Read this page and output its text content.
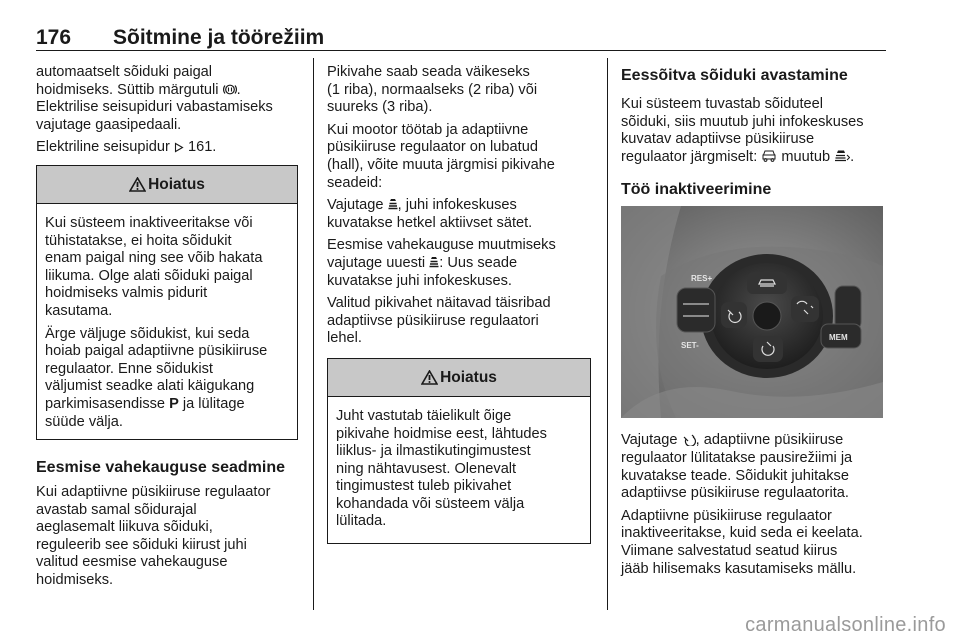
176 Sõitmine ja töörežiim

automaatselt sõiduki paigal
hoidmiseks. Süttib märgutuli .
Elektrilise seisupiduri vabastamiseks
vajutage gaasipedaali.

Elektriline seisupidur  161.

Hoiatus

Kui süsteem inaktiveeritakse või
tühistatakse, ei hoita sõidukit
enam paigal ning see võib hakata
liikuma. Olge alati sõiduki paigal
hoidmiseks valmis pidurit
kasutama.

Ärge väljuge sõidukist, kui seda
hoiab paigal adaptiivne püsikiiruse
regulaator. Enne sõidukist
väljumist seadke alati käigukang
parkimisasendisse P ja lülitage
süüde välja.

Eesmise vahekauguse seadmine

Kui adaptiivne püsikiiruse regulaator
avastab samal sõidurajal
aeglasemalt liikuva sõiduki,
reguleerib see sõiduki kiirust juhi
valitud eesmise vahekauguse
hoidmiseks.

Pikivahe saab seada väikeseks
(1 riba), normaalseks (2 riba) või
suureks (3 riba).

Kui mootor töötab ja adaptiivne
püsikiiruse regulaator on lubatud
(hall), võite muuta järgmisi pikivahe
seadeid:

Vajutage , juhi infokeskuses
kuvatakse hetkel aktiivset sätet.

Eesmise vahekauguse muutmiseks
vajutage uuesti : Uus seade
kuvatakse juhi infokeskuses.

Valitud pikivahet näitavad täisribad
adaptiivse püsikiiruse regulaatori
lehel.

Hoiatus

Juht vastutab täielikult õige
pikivahe hoidmise eest, lähtudes
liiklus- ja ilmastikutingimustest
ning nähtavusest. Olenevalt
tingimustest tuleb pikivahet
kohandada või süsteem välja
lülitada.

Eessõitva sõiduki avastamine

Kui süsteem tuvastab sõiduteel
sõiduki, siis muutub juhi infokeskuses
kuvatav adaptiivse püsikiiruse
regulaator järgmiselt:  muutub .

Töö inaktiveerimine
RES+
SET-
MEM

Vajutage , adaptiivne püsikiiruse
regulaator lülitatakse pausirežiimi ja
kuvatakse teade. Sõidukit juhitakse
adaptiivse püsikiiruse regulaatorita.

Adaptiivne püsikiiruse regulaator
inaktiveeritakse, kuid seda ei keelata.
Viimane salvestatud seatud kiirus
jääb hilisemaks kasutamiseks mällu.

carmanualsonline.info
